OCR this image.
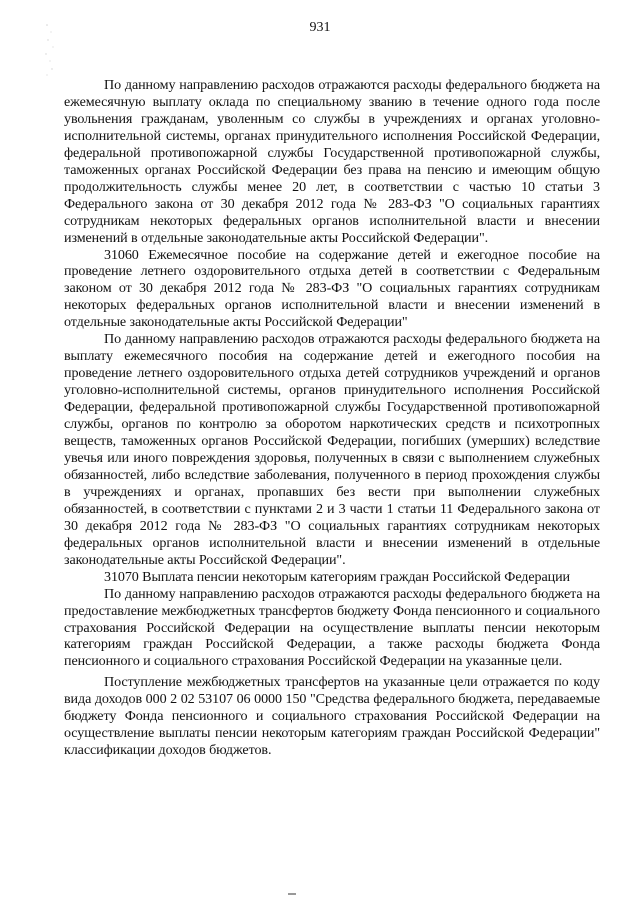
931

По данному направлению расходов отражаются расходы федерального бюджета на ежемесячную выплату оклада по специальному званию в течение одного года после увольнения гражданам, уволенным со службы в учреждениях и органах уголовно-исполнительной системы, органах принудительного исполнения Российской Федерации, федеральной противопожарной службы Государственной противопожарной службы, таможенных органах Российской Федерации без права на пенсию и имеющим общую продолжительность службы менее 20 лет, в соответствии с частью 10 статьи 3 Федерального закона от 30 декабря 2012 года № 283-ФЗ "О социальных гарантиях сотрудникам некоторых федеральных органов исполнительной власти и внесении изменений в отдельные законодательные акты Российской Федерации".

31060 Ежемесячное пособие на содержание детей и ежегодное пособие на проведение летнего оздоровительного отдыха детей в соответствии с Федеральным законом от 30 декабря 2012 года № 283-ФЗ "О социальных гарантиях сотрудникам некоторых федеральных органов исполнительной власти и внесении изменений в отдельные законодательные акты Российской Федерации"

По данному направлению расходов отражаются расходы федерального бюджета на выплату ежемесячного пособия на содержание детей и ежегодного пособия на проведение летнего оздоровительного отдыха детей сотрудников учреждений и органов уголовно-исполнительной системы, органов принудительного исполнения Российской Федерации, федеральной противопожарной службы Государственной противопожарной службы, органов по контролю за оборотом наркотических средств и психотропных веществ, таможенных органов Российской Федерации, погибших (умерших) вследствие увечья или иного повреждения здоровья, полученных в связи с выполнением служебных обязанностей, либо вследствие заболевания, полученного в период прохождения службы в учреждениях и органах, пропавших без вести при выполнении служебных обязанностей, в соответствии с пунктами 2 и 3 части 1 статьи 11 Федерального закона от 30 декабря 2012 года № 283-ФЗ "О социальных гарантиях сотрудникам некоторых федеральных органов исполнительной власти и внесении изменений в отдельные законодательные акты Российской Федерации".

31070 Выплата пенсии некоторым категориям граждан Российской Федерации

По данному направлению расходов отражаются расходы федерального бюджета на предоставление межбюджетных трансфертов бюджету Фонда пенсионного и социального страхования Российской Федерации на осуществление выплаты пенсии некоторым категориям граждан Российской Федерации, а также расходы бюджета Фонда пенсионного и социального страхования Российской Федерации на указанные цели.

Поступление межбюджетных трансфертов на указанные цели отражается по коду вида доходов 000 2 02 53107 06 0000 150 "Средства федерального бюджета, передаваемые бюджету Фонда пенсионного и социального страхования Российской Федерации на осуществление выплаты пенсии некоторым категориям граждан Российской Федерации" классификации доходов бюджетов.
